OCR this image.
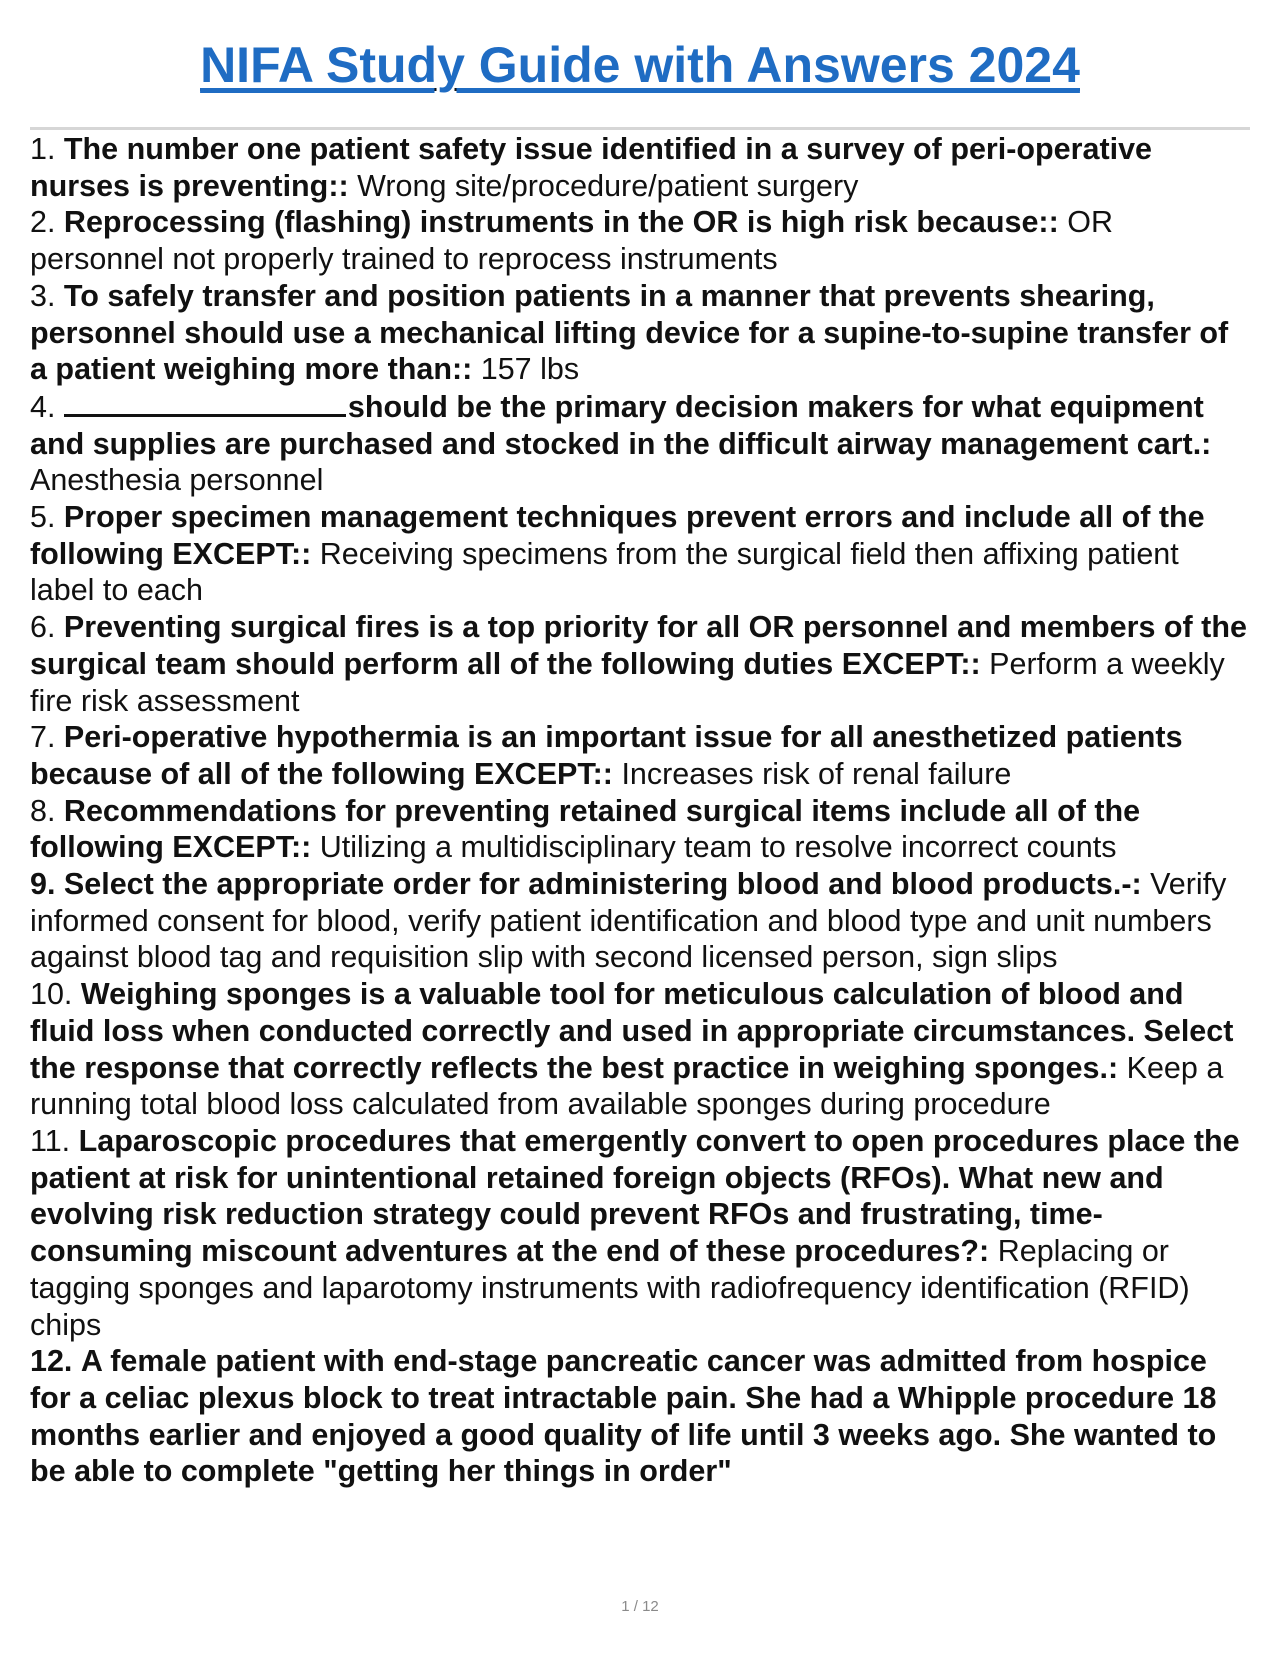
NIFA Study Guide with Answers 2024

1. The number one patient safety issue identified in a survey of peri-operative nurses is preventing:: Wrong site/procedure/patient surgery

2. Reprocessing (flashing) instruments in the OR is high risk because:: OR personnel not properly trained to reprocess instruments

3. To safely transfer and position patients in a manner that prevents shearing, personnel should use a mechanical lifting device for a supine-to-supine transfer of a patient weighing more than:: 157 lbs

4.	should be the primary decision makers for what equipment and supplies are purchased and stocked in the difficult airway management cart.: Anesthesia personnel

5. Proper specimen management techniques prevent errors and include all of the following EXCEPT:: Receiving specimens from the surgical field then affixing patient label to each

6. Preventing surgical fires is a top priority for all OR personnel and members of the surgical team should perform all of the following duties EXCEPT:: Perform a weekly fire risk assessment

7. Peri-operative hypothermia is an important issue for all anesthetized patients because of all of the following EXCEPT:: Increases risk of renal failure

8. Recommendations for preventing retained surgical items include all of the following EXCEPT:: Utilizing a multidisciplinary team to resolve incorrect counts

9. Select the appropriate order for administering blood and blood products.-: Verify informed consent for blood, verify patient identification and blood type and unit numbers against blood tag and requisition slip with second licensed person, sign slips

10. Weighing sponges is a valuable tool for meticulous calculation of blood and fluid loss when conducted correctly and used in appropriate circumstances. Select the response that correctly reflects the best practice in weighing sponges.: Keep a running total blood loss calculated from available sponges during procedure

11. Laparoscopic procedures that emergently convert to open procedures place the patient at risk for unintentional retained foreign objects (RFOs). What new and evolving risk reduction strategy could prevent RFOs and frustrating, time-consuming miscount adventures at the end of these procedures?: Replacing or tagging sponges and laparotomy instruments with radiofrequency identification (RFID) chips

12. A female patient with end-stage pancreatic cancer was admitted from hospice for a celiac plexus block to treat intractable pain. She had a Whipple procedure 18 months earlier and enjoyed a good quality of life until 3 weeks ago. She wanted to be able to complete "getting her things in order"

1 / 12
